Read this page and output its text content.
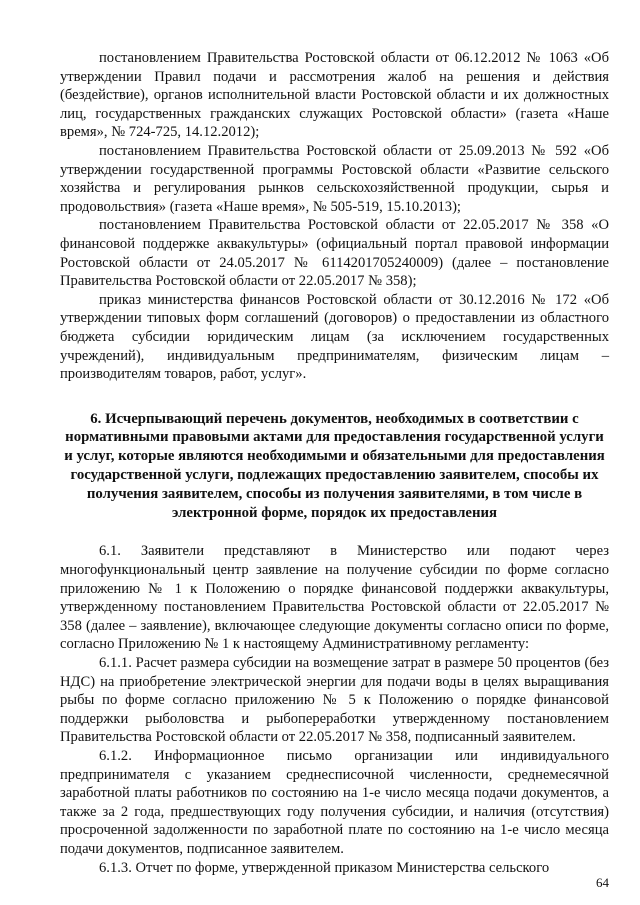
постановлением Правительства Ростовской области от 06.12.2012 № 1063 «Об утверждении Правил подачи и рассмотрения жалоб на решения и действия (бездействие), органов исполнительной власти Ростовской области и их должностных лиц, государственных гражданских служащих Ростовской области» (газета «Наше время», № 724-725, 14.12.2012);

постановлением Правительства Ростовской области от 25.09.2013 № 592 «Об утверждении государственной программы Ростовской области «Развитие сельского хозяйства и регулирования рынков сельскохозяйственной продукции, сырья и продовольствия» (газета «Наше время», № 505-519, 15.10.2013);

постановлением Правительства Ростовской области от 22.05.2017 № 358 «О финансовой поддержке аквакультуры» (официальный портал правовой информации Ростовской области от 24.05.2017 № 6114201705240009) (далее – постановление Правительства Ростовской области от 22.05.2017 № 358);

приказ министерства финансов Ростовской области от 30.12.2016 № 172 «Об утверждении типовых форм соглашений (договоров) о предоставлении из областного бюджета субсидии юридическим лицам (за исключением государственных учреждений), индивидуальным предпринимателям, физическим лицам – производителям товаров, работ, услуг».

6. Исчерпывающий перечень документов, необходимых в соответствии с нормативными правовыми актами для предоставления государственной услуги и услуг, которые являются необходимыми и обязательными для предоставления государственной услуги, подлежащих предоставлению заявителем, способы их получения заявителем, способы из получения заявителями, в том числе в электронной форме, порядок их предоставления

6.1. Заявители представляют в Министерство или подают через многофункциональный центр заявление на получение субсидии по форме согласно приложению № 1 к Положению о порядке финансовой поддержки аквакультуры, утвержденному постановлением Правительства Ростовской области от 22.05.2017 № 358 (далее – заявление), включающее следующие документы согласно описи по форме, согласно Приложению № 1 к настоящему Административному регламенту:

6.1.1. Расчет размера субсидии на возмещение затрат в размере 50 процентов (без НДС) на приобретение электрической энергии для подачи воды в целях выращивания рыбы по форме согласно приложению № 5 к Положению о порядке финансовой поддержки рыболовства и рыбопереработки утвержденному постановлением Правительства Ростовской области от 22.05.2017 № 358, подписанный заявителем.

6.1.2. Информационное письмо организации или индивидуального предпринимателя с указанием среднесписочной численности, среднемесячной заработной платы работников по состоянию на 1-е число месяца подачи документов, а также за 2 года, предшествующих году получения субсидии, и наличия (отсутствия) просроченной задолженности по заработной плате по состоянию на 1-е число месяца подачи документов, подписанное заявителем.

6.1.3. Отчет по форме, утвержденной приказом Министерства сельского

64
